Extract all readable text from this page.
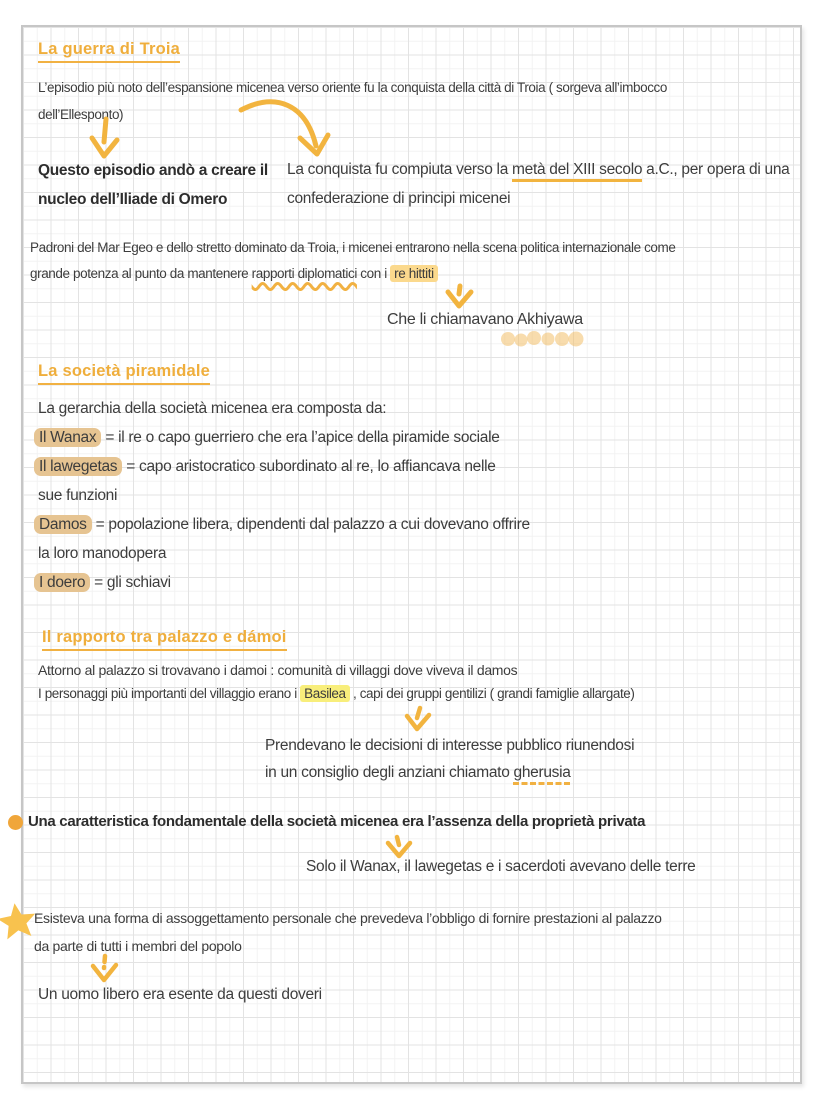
La guerra di Troia
L’episodio più noto dell’espansione micenea verso oriente fu la conquista della città di Troia ( sorgeva all’imbocco
dell’Ellesponto)
Questo episodio andò a creare il
nucleo dell’Iliade di Omero
La conquista fu compiuta verso la metà del XIII secolo a.C., per opera di una
confederazione di principi micenei
Padroni del Mar Egeo e dello stretto dominato da Troia, i micenei entrarono nella scena politica internazionale come
grande potenza al punto da mantenere rapporti diplomatici con i re hittiti
Che li chiamavano Akhiyawa
La società piramidale
La gerarchia della società micenea era composta da:
Il Wanax = il re o capo guerriero che era l’apice della piramide sociale
Il lawegetas = capo aristocratico subordinato al re, lo affiancava nelle
sue funzioni
Damos = popolazione libera, dipendenti dal palazzo a cui dovevano offrire
la loro manodopera
I doero = gli schiavi
Il rapporto tra palazzo e dámoi
Attorno al palazzo si trovavano i damoi : comunità di villaggi dove viveva il damos
I personaggi più importanti del villaggio erano i Basilea , capi dei gruppi gentilizi ( grandi famiglie allargate)
Prendevano le decisioni di interesse pubblico riunendosi
in un consiglio degli anziani chiamato gherusia
Una caratteristica fondamentale della società micenea era l’assenza della proprietà privata
Solo il Wanax, il lawegetas e i sacerdoti avevano delle terre
Esisteva una forma di assoggettamento personale che prevedeva l’obbligo di fornire prestazioni al palazzo
da parte di tutti i membri del popolo
Un uomo libero era esente da questi doveri
